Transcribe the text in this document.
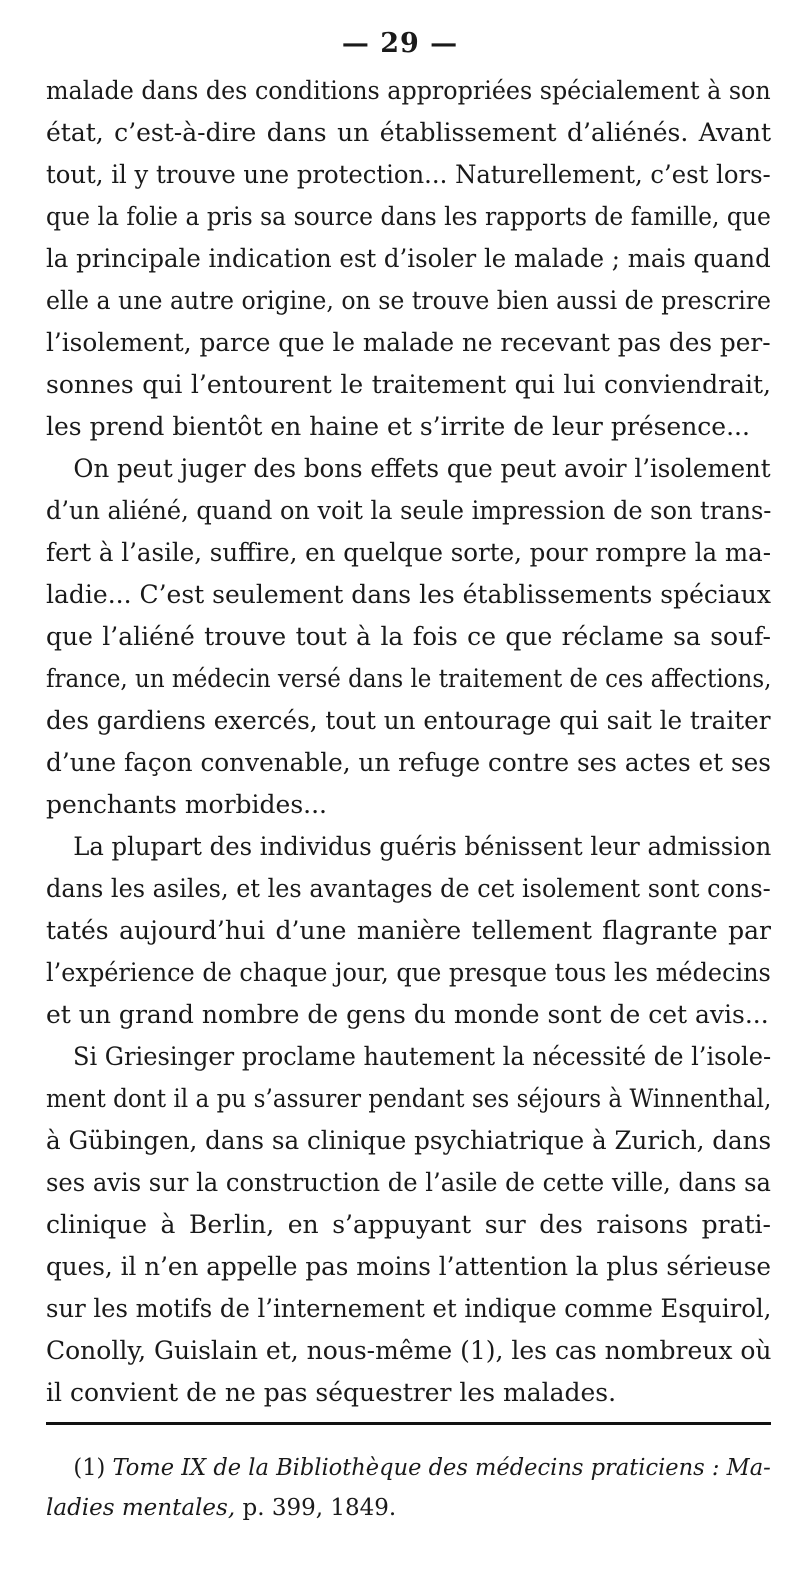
— 29 —
malade dans des conditions appropriées spécialement à son
état, c’est-à-dire dans un établissement d’aliénés. Avant
tout, il y trouve une protection... Naturellement, c’est lors-
que la folie a pris sa source dans les rapports de famille, que
la principale indication est d’isoler le malade ; mais quand
elle a une autre origine, on se trouve bien aussi de prescrire
l’isolement, parce que le malade ne recevant pas des per-
sonnes qui l’entourent le traitement qui lui conviendrait,
les prend bientôt en haine et s’irrite de leur présence...
On peut juger des bons effets que peut avoir l’isolement
d’un aliéné, quand on voit la seule impression de son trans-
fert à l’asile, suffire, en quelque sorte, pour rompre la ma-
ladie... C’est seulement dans les établissements spéciaux
que l’aliéné trouve tout à la fois ce que réclame sa souf-
france, un médecin versé dans le traitement de ces affections,
des gardiens exercés, tout un entourage qui sait le traiter
d’une façon convenable, un refuge contre ses actes et ses
penchants morbides...
La plupart des individus guéris bénissent leur admission
dans les asiles, et les avantages de cet isolement sont cons-
tatés aujourd’hui d’une manière tellement flagrante par
l’expérience de chaque jour, que presque tous les médecins
et un grand nombre de gens du monde sont de cet avis...
Si Griesinger proclame hautement la nécessité de l’isole-
ment dont il a pu s’assurer pendant ses séjours à Winnenthal,
à Gübingen, dans sa clinique psychiatrique à Zurich, dans
ses avis sur la construction de l’asile de cette ville, dans sa
clinique à Berlin, en s’appuyant sur des raisons prati-
ques, il n’en appelle pas moins l’attention la plus sérieuse
sur les motifs de l’internement et indique comme Esquirol,
Conolly, Guislain et, nous-même (1), les cas nombreux où
il convient de ne pas séquestrer les malades.
(1) Tome IX de la Bibliothèque des médecins praticiens : Ma-
ladies mentales, p. 399, 1849.
